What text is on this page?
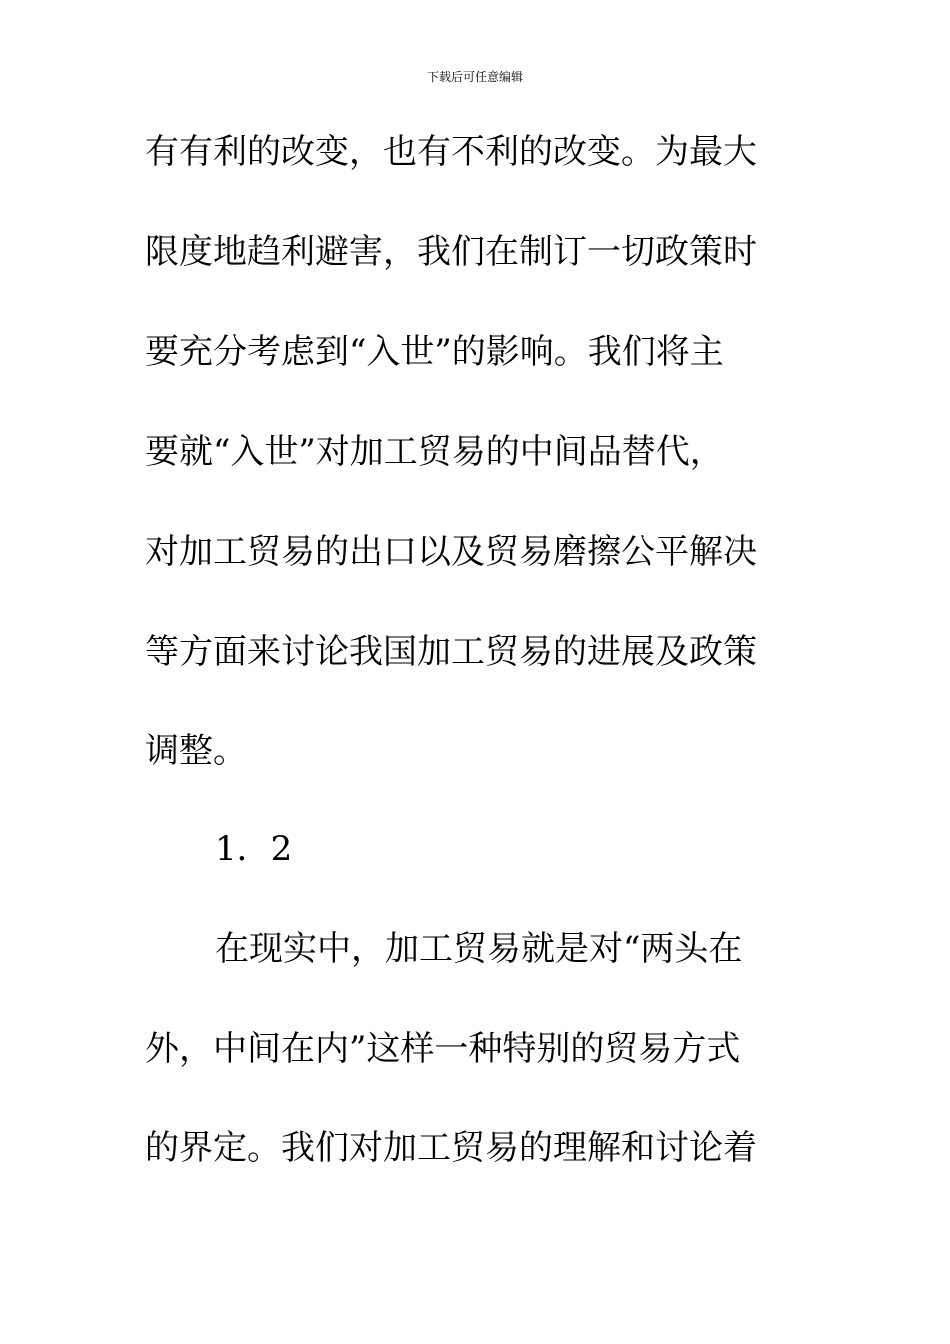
下载后可任意编辑
有有利的改变，也有不利的改变。为最大
限度地趋利避害，我们在制订一切政策时
要充分考虑到“入世”的影响。我们将主
要就“入世”对加工贸易的中间品替代，
对加工贸易的出口以及贸易磨擦公平解决
等方面来讨论我国加工贸易的进展及政策
调整。
1．2
在现实中，加工贸易就是对“两头在
外，中间在内”这样一种特别的贸易方式
的界定。我们对加工贸易的理解和讨论着
